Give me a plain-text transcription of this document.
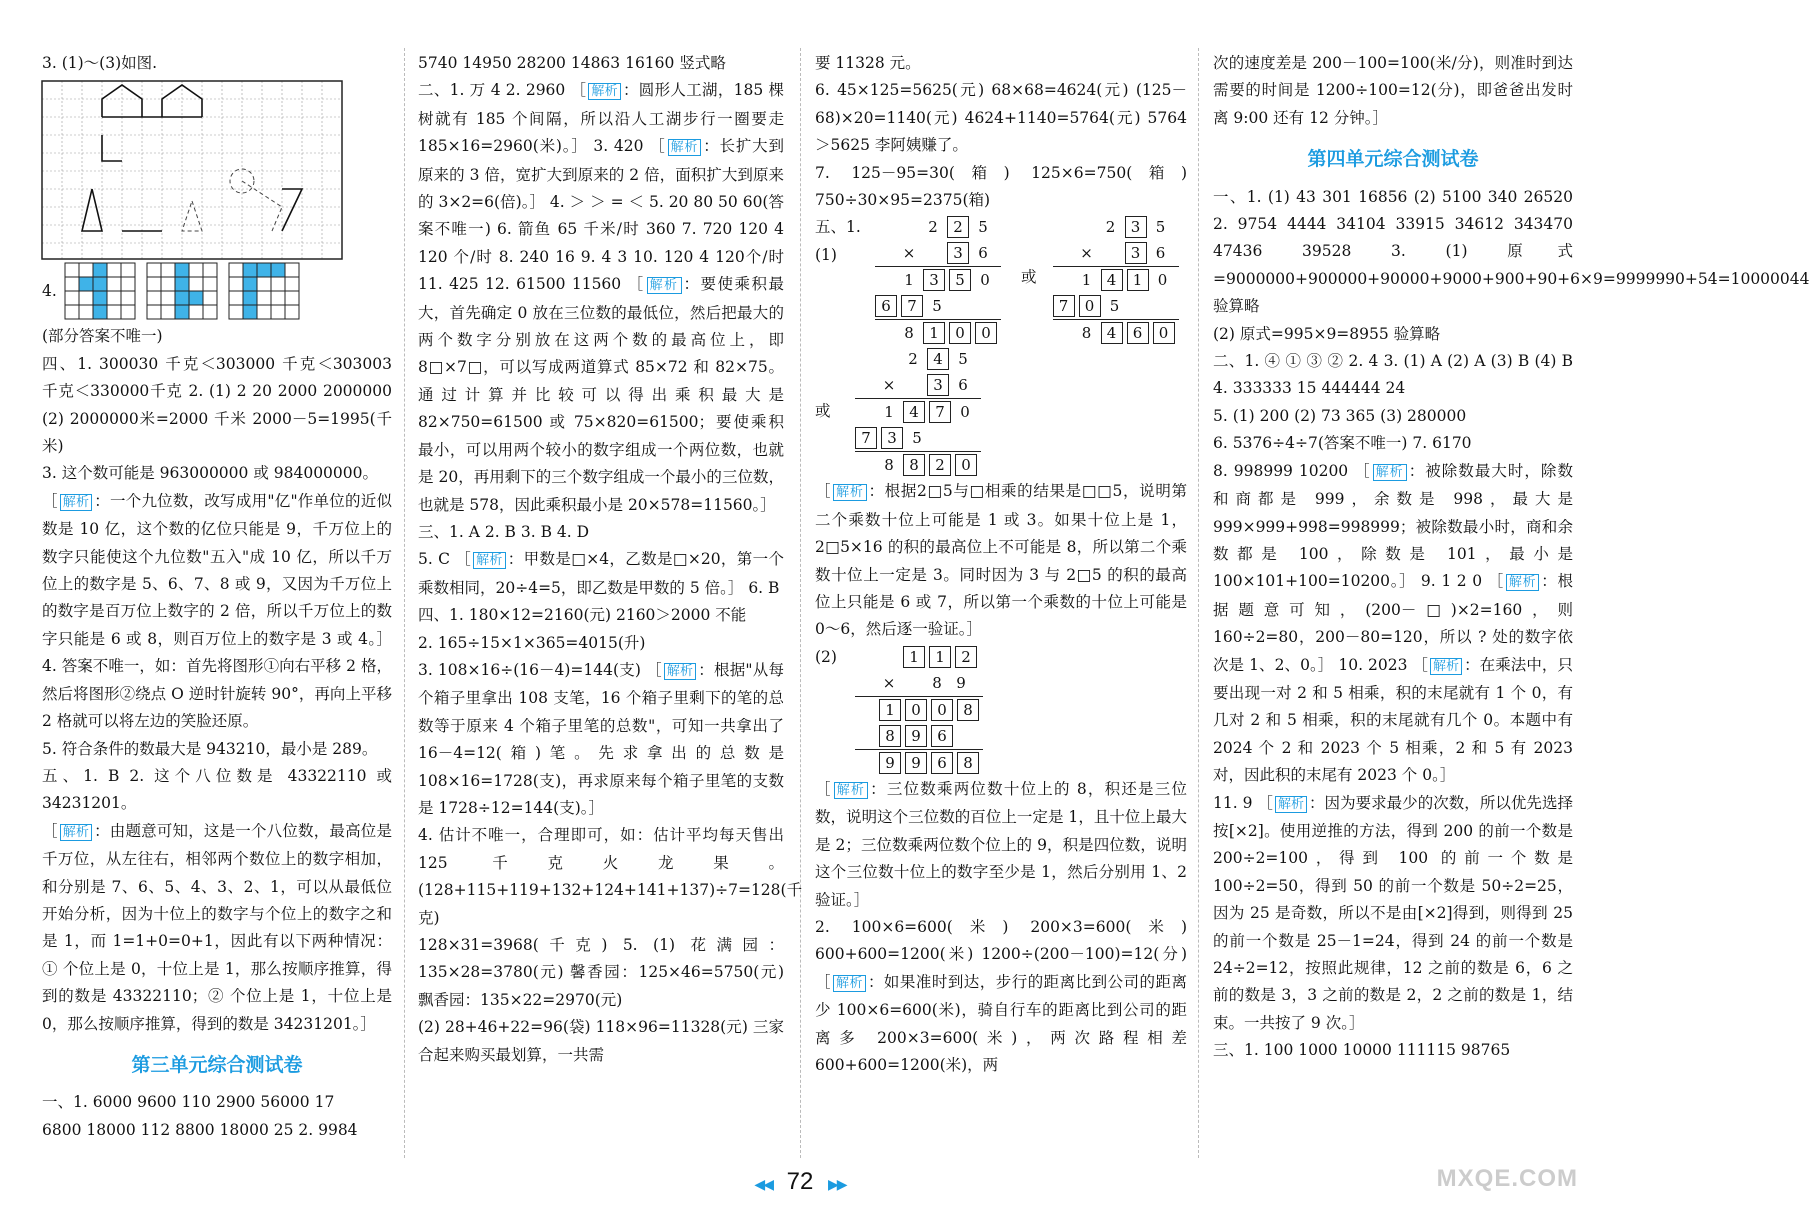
3. (1)～(3)如图.

4.

(部分答案不唯一)

四、1. 300030 千克＜303000 千克＜303003 千克＜330000千克 2. (1) 2 20 2000 2000000 (2) 2000000米=2000 千米 2000－5=1995(千米)

3. 这个数可能是 963000000 或 984000000。

［ 解析 ：一个九位数，改写成用"亿"作单位的近似数是 10 亿，这个数的亿位只能是 9，千万位上的数字只能使这个九位数"五入"成 10 亿，所以千万位上的数字是 5、6、7、8 或 9，又因为千万位上的数字是百万位上数字的 2 倍，所以千万位上的数字只能是 6 或 8，则百万位上的数字是 3 或 4。］ 4. 答案不唯一，如：首先将图形①向右平移 2 格，然后将图形②绕点 O 逆时针旋转 90°，再向上平移 2 格就可以将左边的笑脸还原。

5. 符合条件的数最大是 943210，最小是 289。

五、1. B 2. 这个八位数是 43322110 或 34231201。

［ 解析 ：由题意可知，这是一个八位数，最高位是千万位，从左往右，相邻两个数位上的数字相加，和分别是 7、6、5、4、3、2、1，可以从最低位开始分析，因为十位上的数字与个位上的数字之和是 1，而 1=1+0=0+1，因此有以下两种情况：① 个位上是 0，十位上是 1，那么按顺序推算，得到的数是 43322110；② 个位上是 1，十位上是 0，那么按顺序推算，得到的数是 34231201。］

第三单元综合测试卷

一、1. 6000 9600 110 2900 56000 17

6800 18000 112 8800 18000 25 2. 9984

5740 14950 28200 14863 16160 竖式略

二、1. 万 4 2. 2960 ［ 解析 ：圆形人工湖，185 棵树就有 185 个间隔，所以沿人工湖步行一圈要走 185×16=2960(米)。］ 3. 420 ［ 解析 ：长扩大到原来的 3 倍，宽扩大到原来的 2 倍，面积扩大到原来的 3×2=6(倍)。］ 4. ＞ ＞ = ＜ 5. 20 80 50 60(答案不唯一) 6. 箭鱼 65 千米/时 360 7. 720 120 4 120 个/时 8. 240 16 9. 4 3 10. 120 4 120个/时 11. 425 12. 61500 11560 ［ 解析 ：要使乘积最大，首先确定 0 放在三位数的最低位，然后把最大的两个数字分别放在这两个数的最高位上，即 8□×7□，可以写成两道算式 85×72 和 82×75。通过计算并比较可以得出乘积最大是 82×750=61500 或 75×820=61500；要使乘积最小，可以用两个较小的数字组成一个两位数，也就是 20，再用剩下的三个数字组成一个最小的三位数，也就是 578，因此乘积最小是 20×578=11560。］

三、1. A 2. B 3. B 4. D

5. C ［ 解析 ：甲数是□×4，乙数是□×20，第一个乘数相同，20÷4=5，即乙数是甲数的 5 倍。］ 6. B

四、1. 180×12=2160(元) 2160＞2000 不能

2. 165÷15×1×365=4015(升)

3. 108×16÷(16－4)=144(支) ［ 解析 ：根据"从每个箱子里拿出 108 支笔，16 个箱子里剩下的笔的总数等于原来 4 个箱子里笔的总数"，可知一共拿出了 16－4=12(箱)笔。先求拿出的总数是 108×16=1728(支)，再求原来每个箱子里笔的支数是 1728÷12=144(支)。］

4. 估计不唯一，合理即可，如：估计平均每天售出 125 千克火龙果。 (128+115+119+132+124+141+137)÷7=128(千克)

128×31=3968(千克) 5. (1) 花满园：135×28=3780(元) 馨香园：125×46=5750(元) 飘香园：135×22=2970(元)

(2) 28+46+22=96(袋) 118×96=11328(元) 三家合起来购买最划算，一共需

要 11328 元。

6. 45×125=5625(元) 68×68=4624(元) (125－68)×20=1140(元) 4624+1140=5764(元) 5764＞5625 李阿姨赚了。

7. 125－95=30(箱) 125×6=750(箱) 750÷30×95=2375(箱)

五、1. (1)
2	2	5
×	3	6
1	3	5	0
6	7	5
8	1	0	0
或
2	3	5
×	3	6
1	4	1	0
7	0	5
8	4	6	0
或
2	4	5
×	3	6
1	4	7	0
7	3	5
8	8	2	0

［ 解析 ：根据2□5与□相乘的结果是□□5，说明第二个乘数十位上可能是 1 或 3。如果十位上是 1，2□5×16 的积的最高位上不可能是 8，所以第二个乘数十位上一定是 3。同时因为 3 与 2□5 的积的最高位上只能是 6 或 7，所以第一个乘数的十位上可能是 0～6，然后逐一验证。］

(2)	1	1	2
×	8 9
1	0	0	8
8	9	6
9	9	6	8

［ 解析 ：三位数乘两位数十位上的 8，积还是三位数，说明这个三位数的百位上一定是 1，且十位上最大是 2；三位数乘两位数个位上的 9，积是四位数，说明这个三位数十位上的数字至少是 1，然后分别用 1、2 验证。］

2. 100×6=600(米) 200×3=600(米) 600+600=1200(米) 1200÷(200－100)=12(分) ［ 解析 ：如果准时到达，步行的距离比到公司的距离少 100×6=600(米)，骑自行车的距离比到公司的距离多 200×3=600(米)，两次路程相差 600+600=1200(米)，两

次的速度差是 200－100=100(米/分)，则准时到达需要的时间是 1200÷100=12(分)，即爸爸出发时离 9:00 还有 12 分钟。］

第四单元综合测试卷

一、1. (1) 43 301 16856 (2) 5100 340 26520 2. 9754 4444 34104 33915 34612 343470 47436 39528 3. (1) 原式=9000000+900000+90000+9000+900+90+6×9=9999990+54=10000044 验算略

(2) 原式=995×9=8955 验算略

二、1. ④ ① ③ ② 2. 4 3. (1) A (2) A (3) B (4) B 4. 333333 15 444444 24

5. (1) 200 (2) 73 365 (3) 280000

6. 5376÷4÷7(答案不唯一) 7. 6170

8. 998999 10200 ［ 解析 ：被除数最大时，除数和商都是 999，余数是 998，最大是 999×999+998=998999；被除数最小时，商和余数都是 100，除数是 101，最小是 100×101+100=10200。］ 9. 1 2 0 ［ 解析 ：根据题意可知，(200－□)×2=160，则 160÷2=80，200－80=120，所以 ? 处的数字依次是 1、2、0。］ 10. 2023 ［ 解析 ：在乘法中，只要出现一对 2 和 5 相乘，积的末尾就有 1 个 0，有几对 2 和 5 相乘，积的末尾就有几个 0。本题中有 2024 个 2 和 2023 个 5 相乘，2 和 5 有 2023 对，因此积的末尾有 2023 个 0。］

11. 9 ［ 解析 ：因为要求最少的次数，所以优先选择按[×2]。使用逆推的方法，得到 200 的前一个数是 200÷2=100，得到 100 的前一个数是 100÷2=50，得到 50 的前一个数是 50÷2=25，因为 25 是奇数，所以不是由[×2]得到，则得到 25 的前一个数是 25－1=24，得到 24 的前一个数是 24÷2=12，按照此规律，12 之前的数是 6，6 之前的数是 3，3 之前的数是 2，2 之前的数是 1，结束。一共按了 9 次。］

三、1. 100 1000 10000 111115 98765

◀◀ 72 ▶▶	MXQE.COM
